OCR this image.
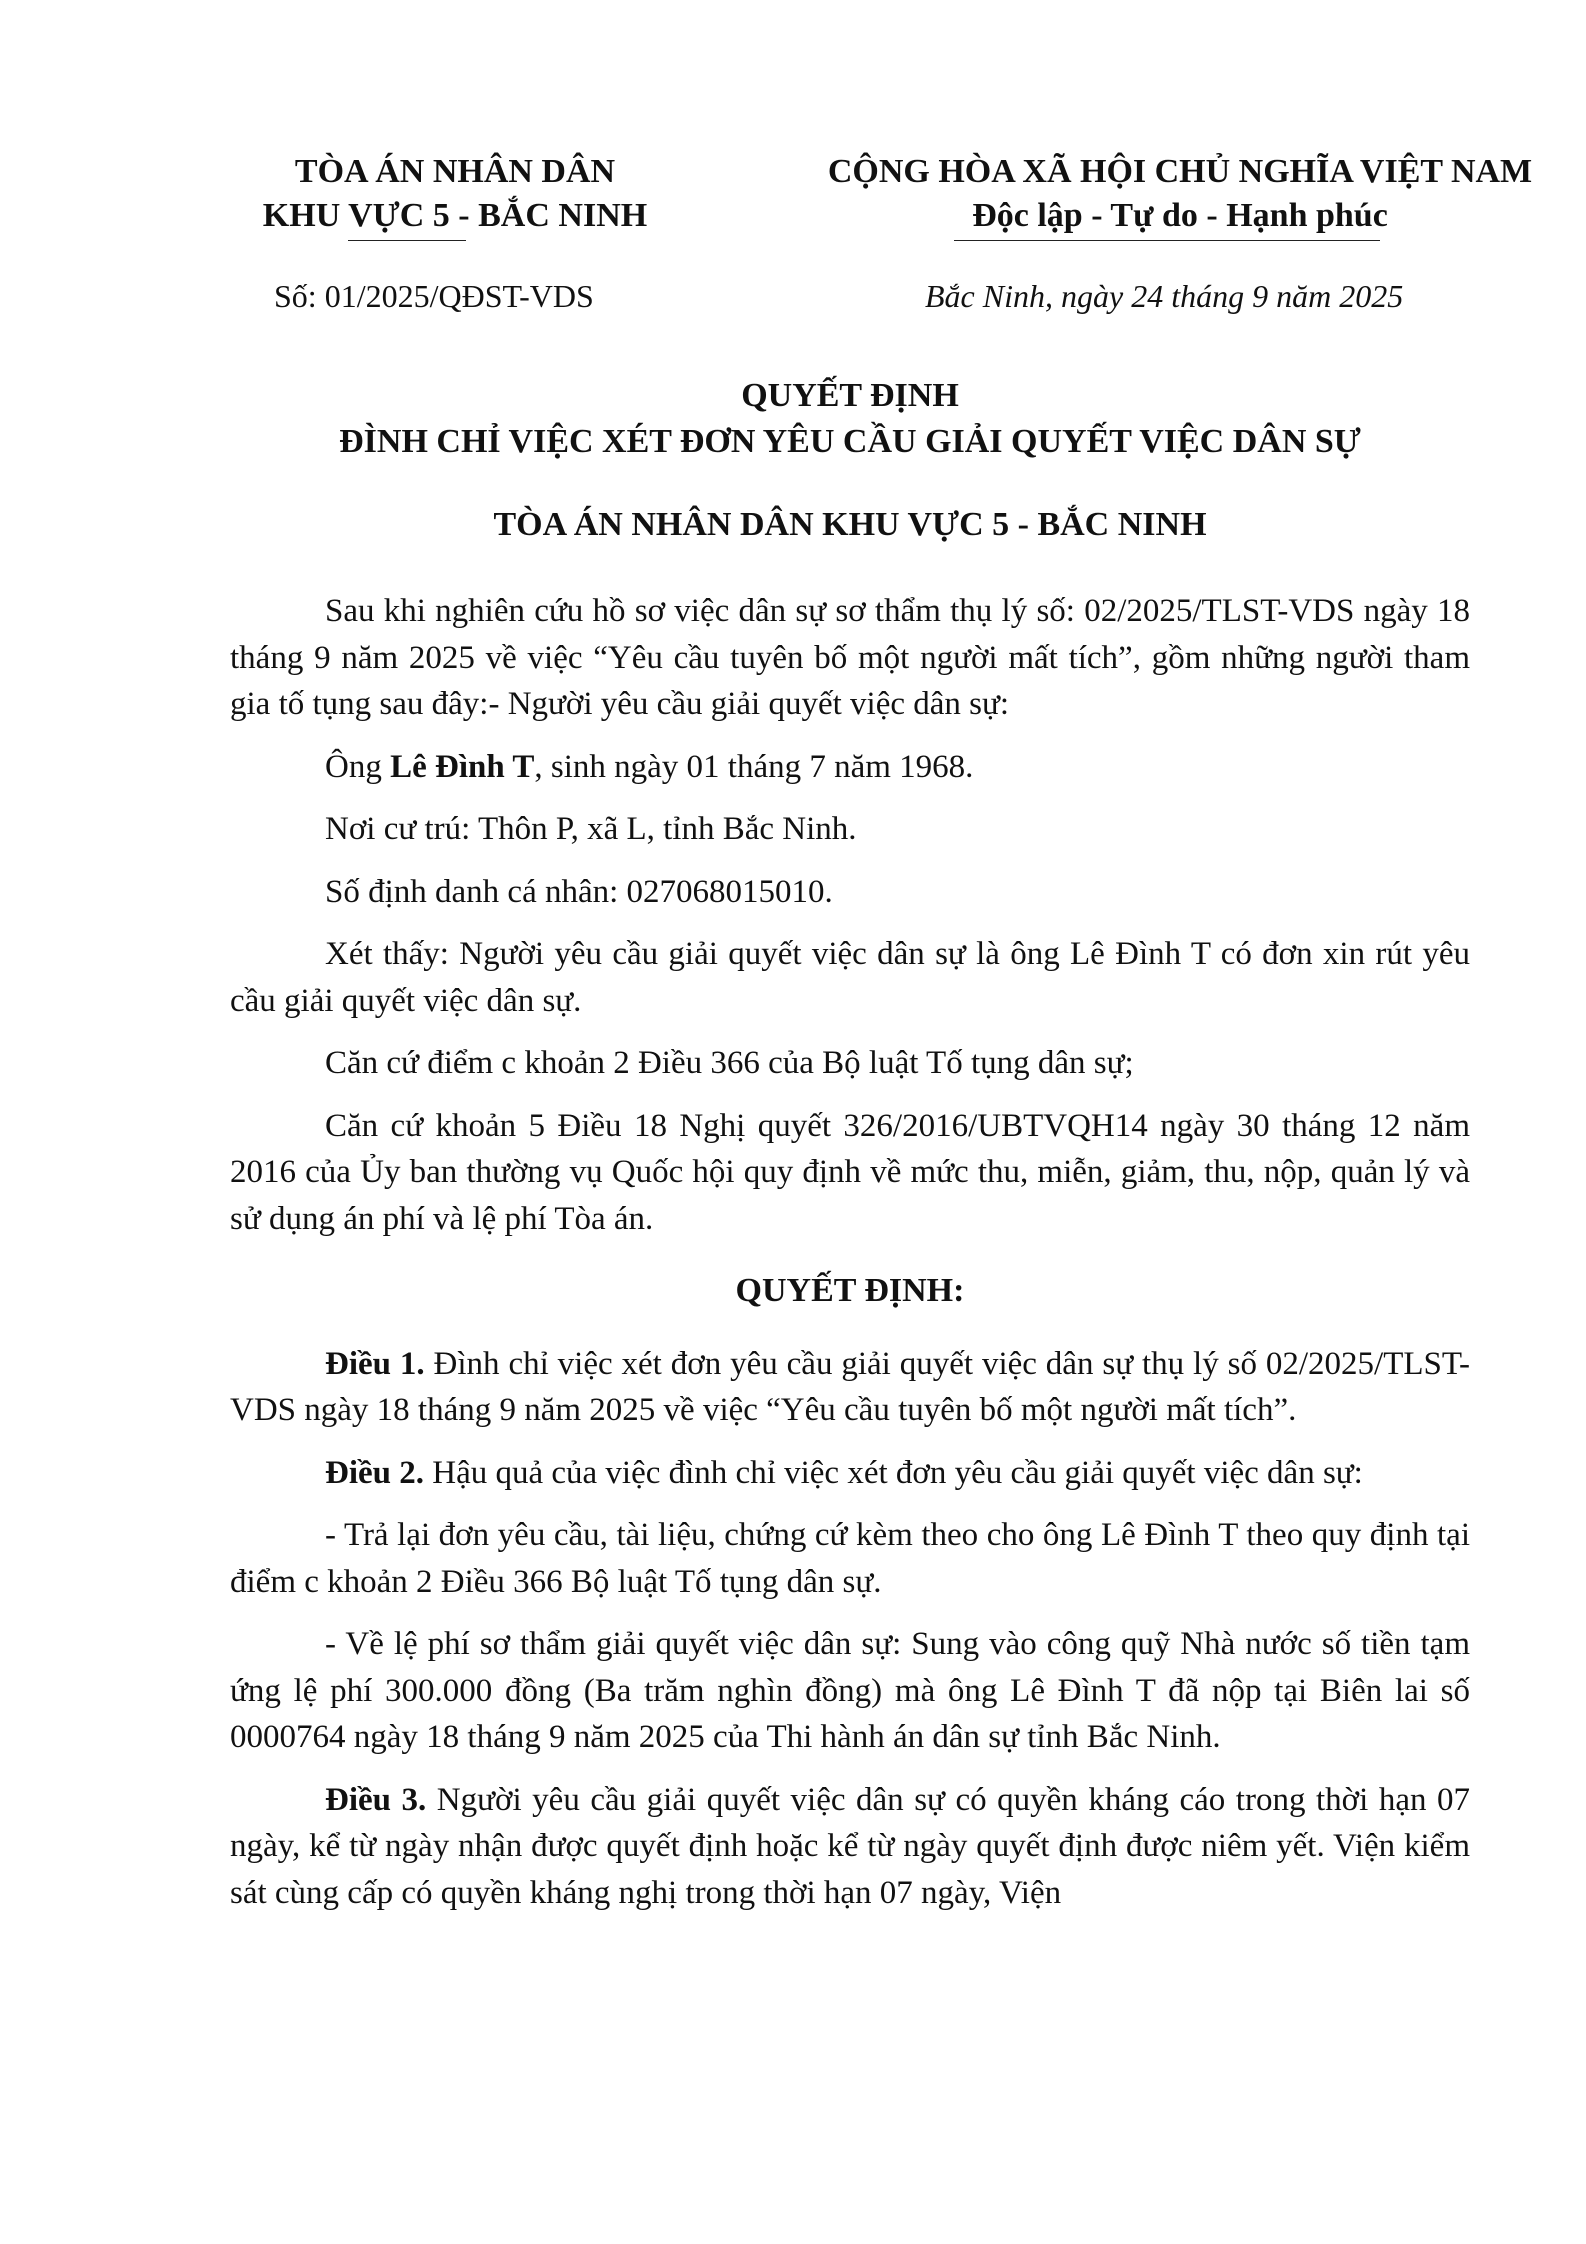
TÒA ÁN NHÂN DÂN
KHU VỰC 5 - BẮC NINH
CỘNG HÒA XÃ HỘI CHỦ NGHĨA VIỆT NAM
Độc lập - Tự do - Hạnh phúc
Số: 01/2025/QĐST-VDS	Bắc Ninh, ngày 24 tháng 9 năm 2025
QUYẾT ĐỊNH
ĐÌNH CHỈ VIỆC XÉT ĐƠN YÊU CẦU GIẢI QUYẾT VIỆC DÂN SỰ
TÒA ÁN NHÂN DÂN KHU VỰC 5 - BẮC NINH

Sau khi nghiên cứu hồ sơ việc dân sự sơ thẩm thụ lý số: 02/2025/TLST-VDS ngày 18 tháng 9 năm 2025 về việc “Yêu cầu tuyên bố một người mất tích”, gồm những người tham gia tố tụng sau đây:- Người yêu cầu giải quyết việc dân sự:

Ông Lê Đình T, sinh ngày 01 tháng 7 năm 1968.

Nơi cư trú: Thôn P, xã L, tỉnh Bắc Ninh.

Số định danh cá nhân: 027068015010.

Xét thấy: Người yêu cầu giải quyết việc dân sự là ông Lê Đình T có đơn xin rút yêu cầu giải quyết việc dân sự.

Căn cứ điểm c khoản 2 Điều 366 của Bộ luật Tố tụng dân sự;

Căn cứ khoản 5 Điều 18 Nghị quyết 326/2016/UBTVQH14 ngày 30 tháng 12 năm 2016 của Ủy ban thường vụ Quốc hội quy định về mức thu, miễn, giảm, thu, nộp, quản lý và sử dụng án phí và lệ phí Tòa án.

QUYẾT ĐỊNH:

Điều 1. Đình chỉ việc xét đơn yêu cầu giải quyết việc dân sự thụ lý số 02/2025/TLST-VDS ngày 18 tháng 9 năm 2025 về việc “Yêu cầu tuyên bố một người mất tích”.

Điều 2. Hậu quả của việc đình chỉ việc xét đơn yêu cầu giải quyết việc dân sự:

- Trả lại đơn yêu cầu, tài liệu, chứng cứ kèm theo cho ông Lê Đình T theo quy định tại điểm c khoản 2 Điều 366 Bộ luật Tố tụng dân sự.

- Về lệ phí sơ thẩm giải quyết việc dân sự: Sung vào công quỹ Nhà nước số tiền tạm ứng lệ phí 300.000 đồng (Ba trăm nghìn đồng) mà ông Lê Đình T đã nộp tại Biên lai số 0000764 ngày 18 tháng 9 năm 2025 của Thi hành án dân sự tỉnh Bắc Ninh.

Điều 3. Người yêu cầu giải quyết việc dân sự có quyền kháng cáo trong thời hạn 07 ngày, kể từ ngày nhận được quyết định hoặc kể từ ngày quyết định được niêm yết. Viện kiểm sát cùng cấp có quyền kháng nghị trong thời hạn 07 ngày, Viện
